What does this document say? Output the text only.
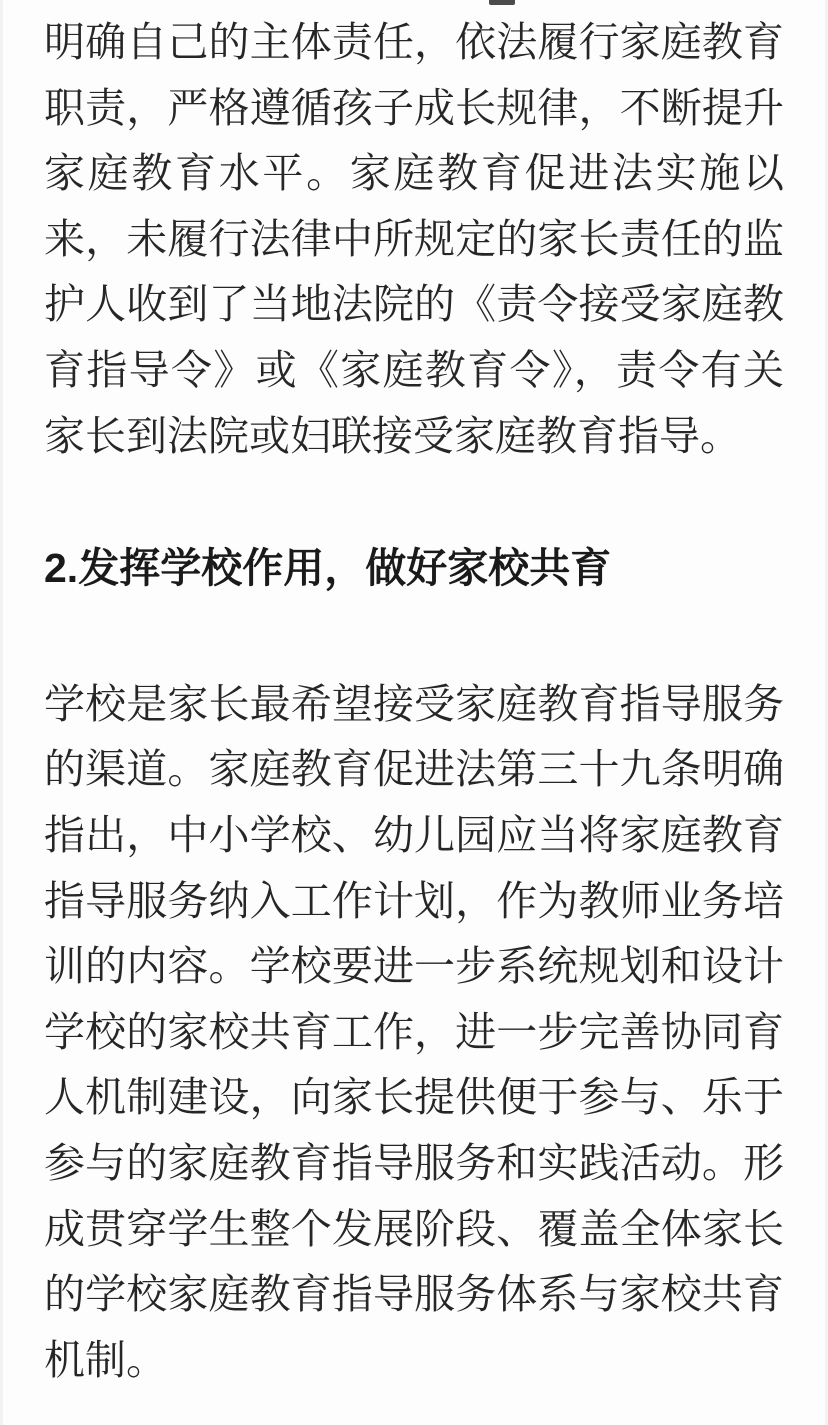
明确自己的主体责任，依法履行家庭教育职责，严格遵循孩子成长规律，不断提升家庭教育水平。家庭教育促进法实施以来，未履行法律中所规定的家长责任的监护人收到了当地法院的《责令接受家庭教育指导令》或《家庭教育令》，责令有关家长到法院或妇联接受家庭教育指导。

2.发挥学校作用，做好家校共育

学校是家长最希望接受家庭教育指导服务的渠道。家庭教育促进法第三十九条明确指出，中小学校、幼儿园应当将家庭教育指导服务纳入工作计划，作为教师业务培训的内容。学校要进一步系统规划和设计学校的家校共育工作，进一步完善协同育人机制建设，向家长提供便于参与、乐于参与的家庭教育指导服务和实践活动。形成贯穿学生整个发展阶段、覆盖全体家长的学校家庭教育指导服务体系与家校共育机制。
